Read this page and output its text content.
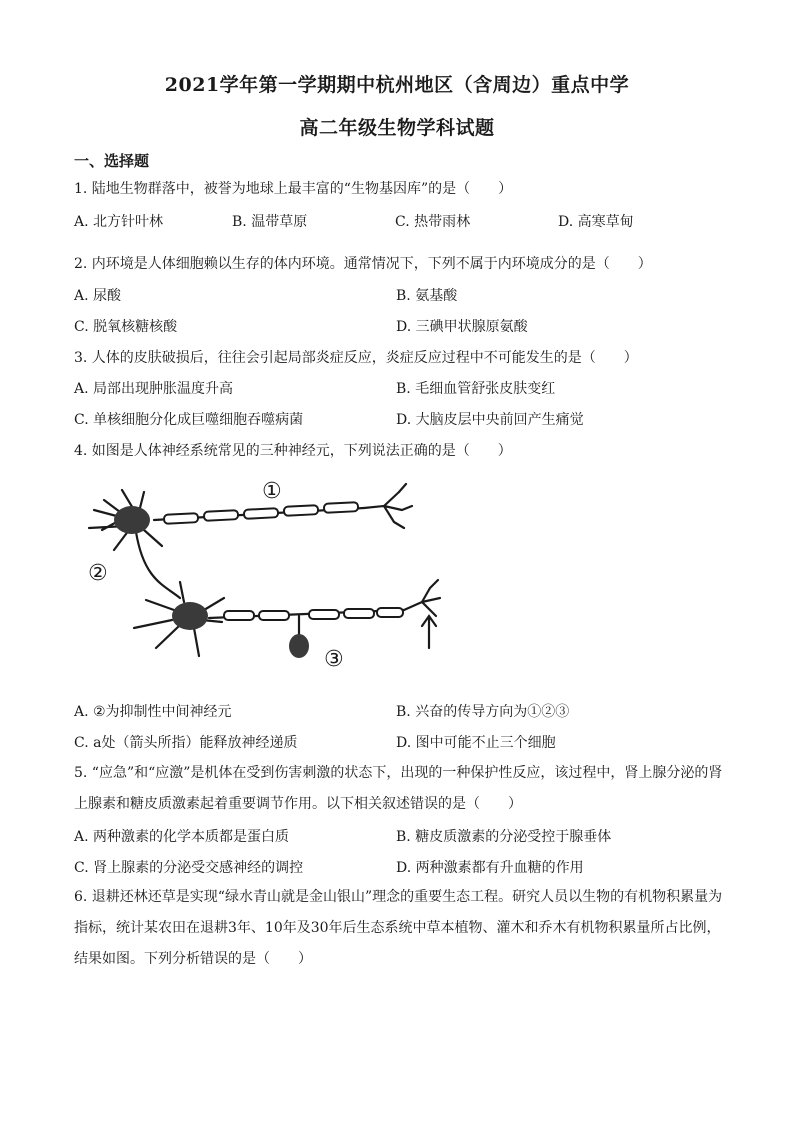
2021学年第一学期期中杭州地区（含周边）重点中学
高二年级生物学科试题
一、选择题
1. 陆地生物群落中，被誉为地球上最丰富的“生物基因库”的是（　　）
A. 北方针叶林	B. 温带草原	C. 热带雨林	D. 高寒草甸
2. 内环境是人体细胞赖以生存的体内环境。通常情况下，下列不属于内环境成分的是（　　）
A. 尿酸	B. 氨基酸
C. 脱氧核糖核酸	D. 三碘甲状腺原氨酸
3. 人体的皮肤破损后，往往会引起局部炎症反应，炎症反应过程中不可能发生的是（　　）
A. 局部出现肿胀温度升高	B. 毛细血管舒张皮肤变红
C. 单核细胞分化成巨噬细胞吞噬病菌	D. 大脑皮层中央前回产生痛觉
4. 如图是人体神经系统常见的三种神经元，下列说法正确的是（　　）
①
②
③
A. ②为抑制性中间神经元	B. 兴奋的传导方向为①②③
C. a处（箭头所指）能释放神经递质	D. 图中可能不止三个细胞
5. “应急”和“应激”是机体在受到伤害刺激的状态下，出现的一种保护性反应，该过程中，肾上腺分泌的肾上腺素和糖皮质激素起着重要调节作用。以下相关叙述错误的是（　　）
A. 两种激素的化学本质都是蛋白质	B. 糖皮质激素的分泌受控于腺垂体
C. 肾上腺素的分泌受交感神经的调控	D. 两种激素都有升血糖的作用
6. 退耕还林还草是实现“绿水青山就是金山银山”理念的重要生态工程。研究人员以生物的有机物积累量为指标，统计某农田在退耕3年、10年及30年后生态系统中草本植物、灌木和乔木有机物积累量所占比例，结果如图。下列分析错误的是（　　）
